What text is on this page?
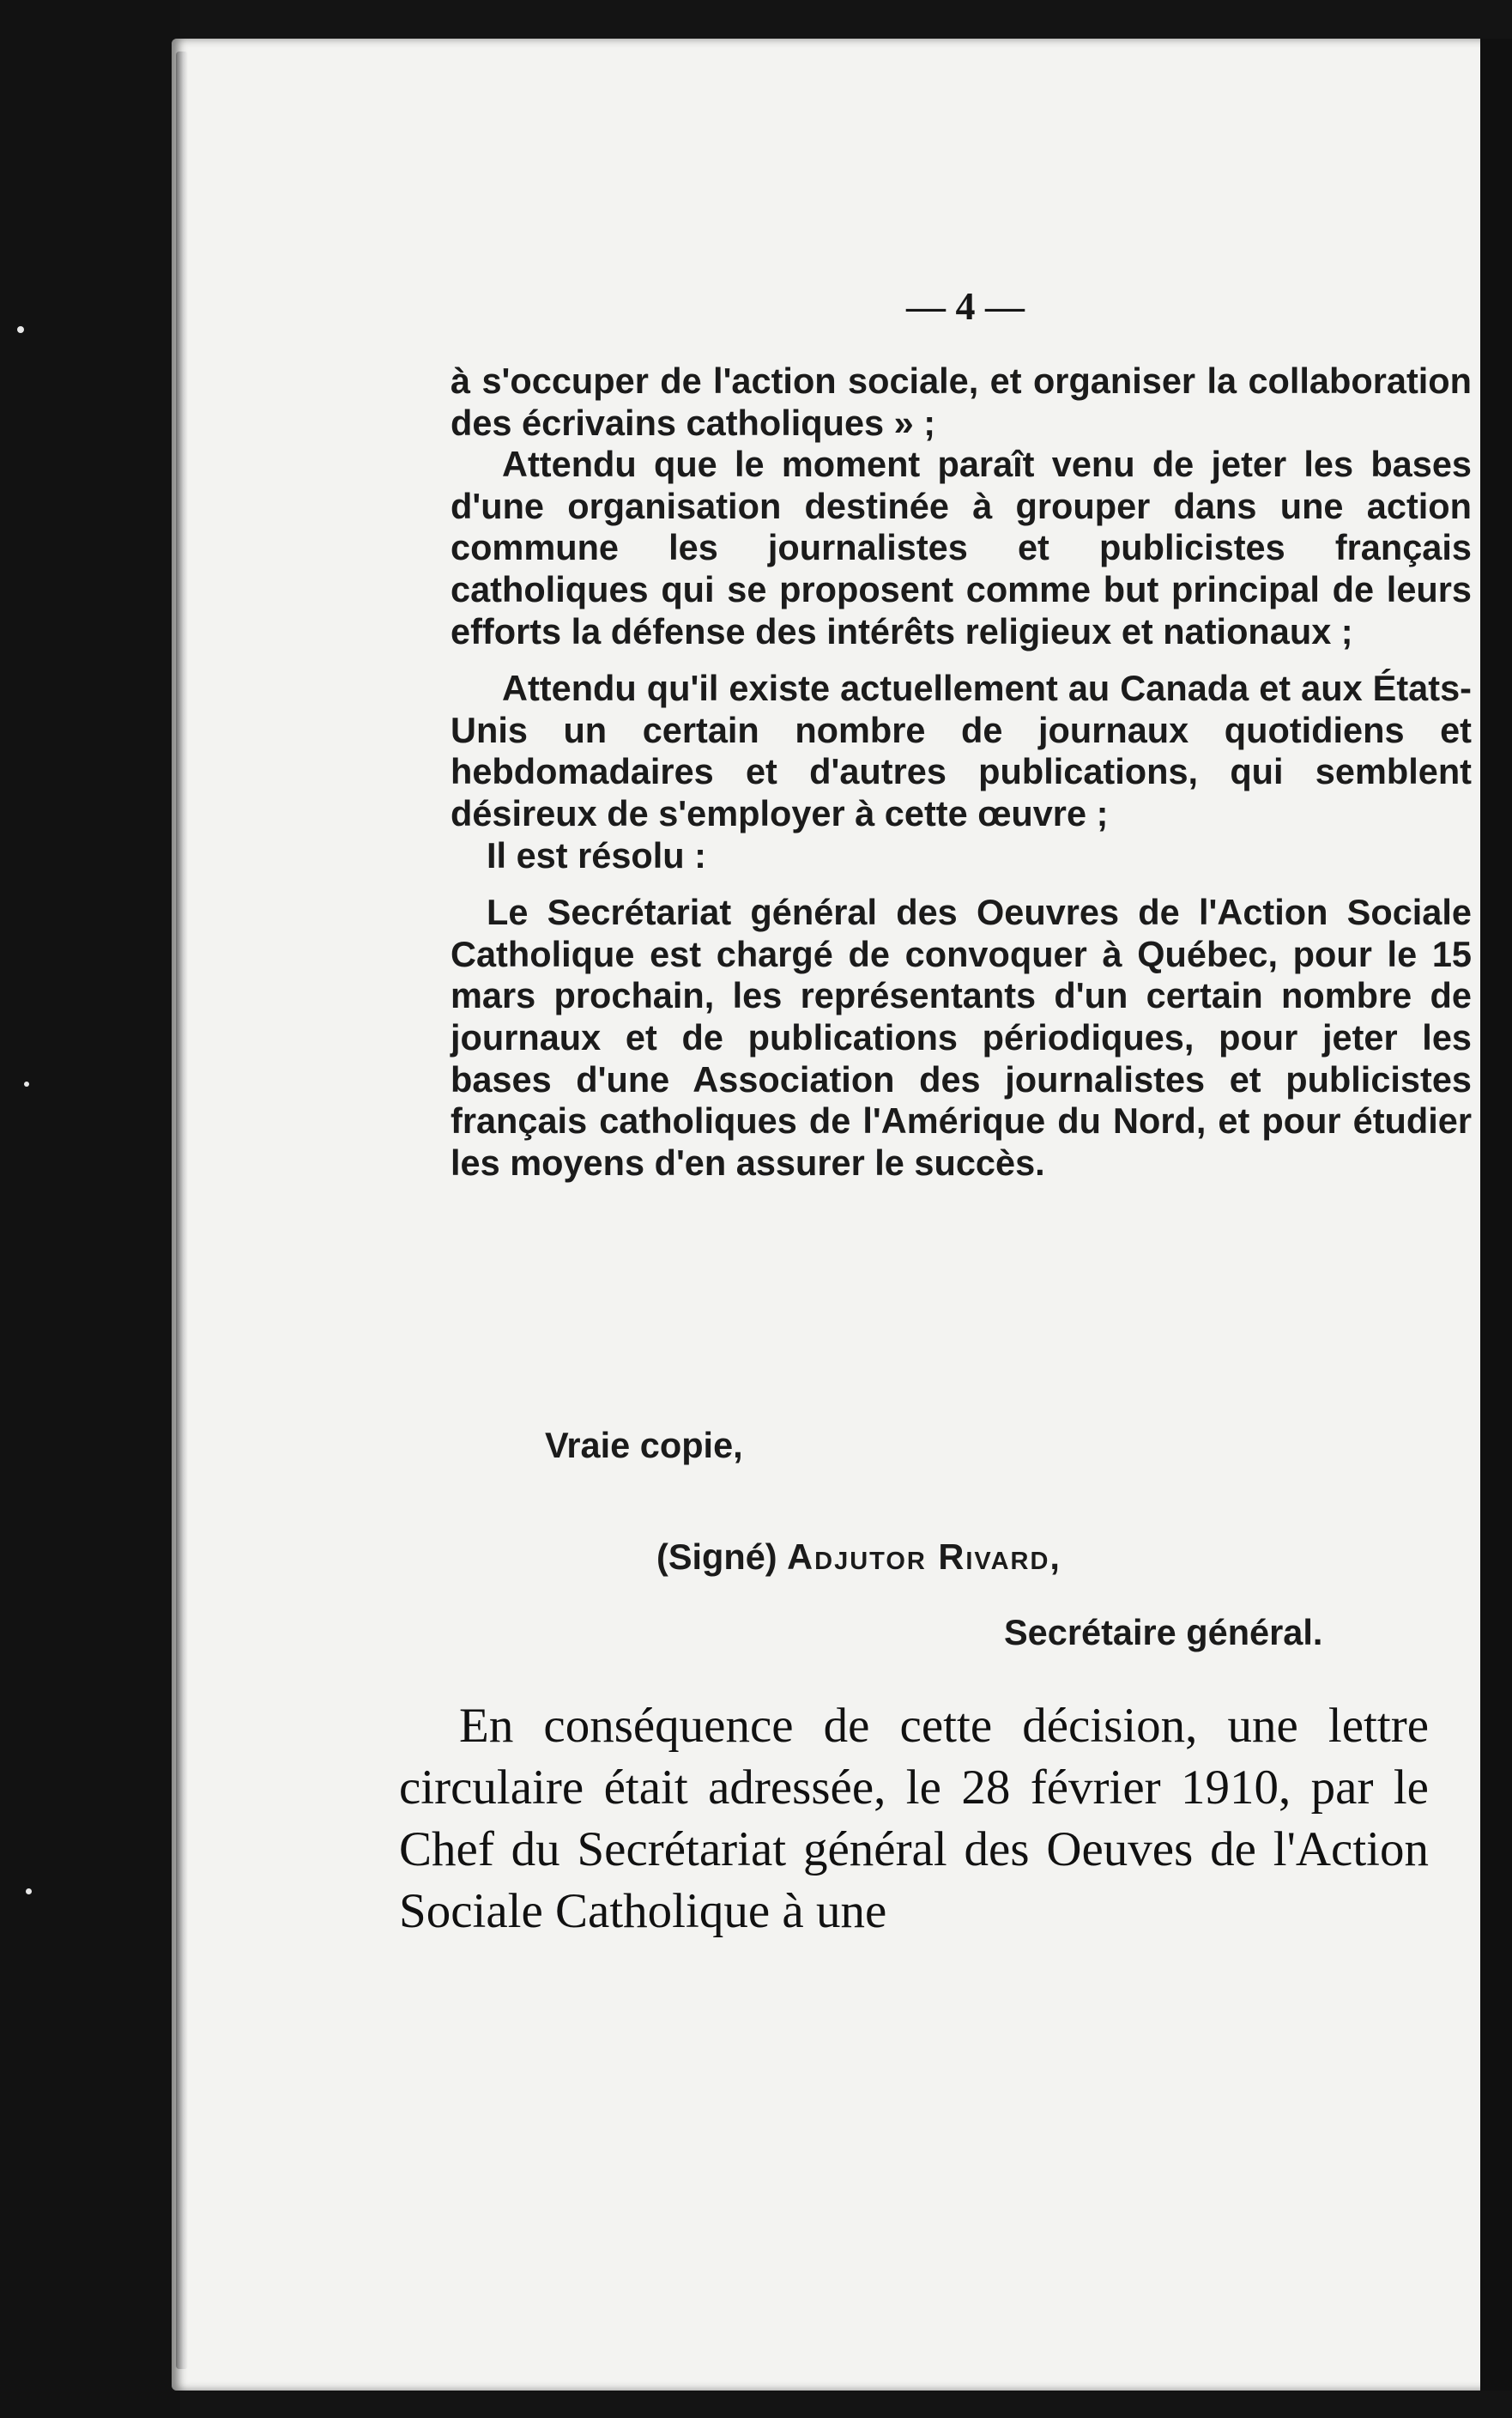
— 4 —

à s'occuper de l'action sociale, et organiser la collaboration des écrivains catholiques » ;

Attendu que le moment paraît venu de jeter les bases d'une organisation destinée à grouper dans une action commune les journalistes et publicistes français catholiques qui se proposent comme but principal de leurs efforts la défense des intérêts religieux et nationaux ;

Attendu qu'il existe actuellement au Canada et aux États-Unis un certain nombre de journaux quotidiens et hebdomadaires et d'autres publications, qui semblent désireux de s'employer à cette œuvre ;

Il est résolu :

Le Secrétariat général des Oeuvres de l'Action Sociale Catholique est chargé de convoquer à Québec, pour le 15 mars prochain, les représentants d'un certain nombre de journaux et de publications périodiques, pour jeter les bases d'une Association des journalistes et publicistes français catholiques de l'Amérique du Nord, et pour étudier les moyens d'en assurer le succès.

Vraie copie,
(Signé) Adjutor Rivard,
Secrétaire général.

En conséquence de cette décision, une lettre circulaire était adressée, le 28 février 1910, par le Chef du Secrétariat général des Oeuves de l'Action Sociale Catholique à une
